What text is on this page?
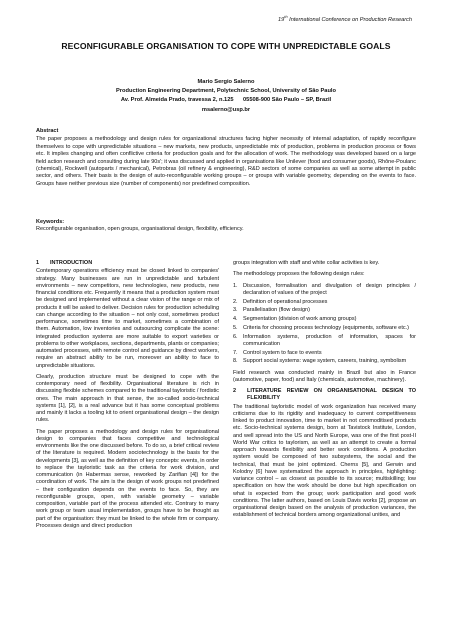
19th International Conference on Production Research
RECONFIGURABLE ORGANISATION TO COPE WITH UNPREDICTABLE GOALS
Mario Sergio Salerno
Production Engineering Department, Polytechnic School, University of São Paulo
Av. Prof. Almeida Prado, travessa 2, n.125      05508-900 São Paulo – SP, Brazil
msalerno@usp.br
Abstract
The paper proposes a methodology and design rules for organizational structures facing higher necessity of internal adaptation, of rapidly reconfigure themselves to cope with unpredictable situations – new markets, new products, unpredictable mix of production, problems in production process or flows etc. It implies changing and often conflictive criteria for production goals and for the allocation of work. The methodology was developed based on a large field action research and consulting during late 90s'; it was discussed and applied in organisations like Unilever (food and consumer goods), Rhône-Poulanc (chemical), Rockwell (autoparts / mechanical), Petrobras (oil refinery & engineering), R&D sectors of some companies as well as some attempt in public sector, and others. Their basis is the design of auto-reconfigurable working groups – or groups with variable geometry, depending on the events to face. Groups have neither previous size (number of components) nor predefined composition.
Keywords:
Reconfigurable organisation, open groups, organisational design, flexibility, efficiency.
1	INTRODUCTION

Contemporary operations efficiency must be closed linked to companies' strategy. Many businesses are run in unpredictable and turbulent environments – new competitors, new technologies, new products, new financial conditions etc. Frequently it means that a production system must be designed and implemented without a clear vision of the range or mix of products it will be asked to deliver. Decision rules for production scheduling can change according to the situation – not only cost, sometimes product performance, sometimes time to market, sometimes a combination of them. Automation, low inventories and outsourcing complicate the scene: integrated production systems are more suitable to export varieties or problems to other workplaces, sections, departments, plants or companies; automated processes, with remote control and guidance by direct workers, require an abstract ability to be run, moreover an ability to face to unpredictable situations.

Clearly, production structure must be designed to cope with the contemporary need of flexibility. Organisational literature is rich in discussing flexible schemes compared to the traditional tayloristic / fordistic ones. The main approach in that sense, the so-called socio-technical systems [1], [2], is a real advance but it has some conceptual problems and mainly it lacks a tooling kit to orient organisational design – the design rules.

The paper proposes a methodology and design rules for organisational design to companies that faces competitive and technological environments like the one discussed before. To do so, a brief critical review of the literature is required. Modern sociotechnology is the basis for the developments [3], as well as the definition of key concepts: events, in order to replace the tayloristic task as the criteria for work division, and communication (in Habermas sense, reworked by Zarifian [4]) for the coordination of work. The aim is the design of work groups not predefined – their configuration depends on the events to face. So, they are reconfigurable groups, open, with variable geometry – variable composition, variable part of the process attended etc. Contrary to many work group or team usual implementation, groups have to be thought as part of the organisation: they must be linked to the whole firm or company. Processes design and direct production

groups integration with staff and white collar activities is key.

The methodology proposes the following design rules:

1. Discussion, formalisation and divulgation of design principles / declaration of values of the project
2. Definition of operational processes
3. Parallelisation (flow design)
4. Segmentation (division of work among groups)
5. Criteria for choosing process technology (equipments, software etc.)
6. Information systems, production of information, spaces for communication
7. Control system to face to events
8. Support social systems: wage system, careers, training, symbolism

Field research was conducted mainly in Brazil but also in France (automotive, paper, food) and Italy (chemicals, automotive, machinery).

2	LITERATURE REVIEW ON ORGANISATIONAL DESIGN TO FLEXIBILITY

The traditional tayloristic model of work organization has received many criticisms due to its rigidity and inadequacy to current competitiveness linked to product innovation, time to market in not commoditised products etc. Socio-technical systems design, born at Tavistock Institute, London, and well spread into the US and North Europe, was one of the first post-II World War critics to taylorism, as well as an attempt to create a formal approach towards flexibility and better work conditions. A production system would be composed of two subsystems, the social and the technical, that must be joint optimized. Cherns [5], and Gerwin and Kolodny [6] have systematized the approach in principles, highlighting: variance control – as closest as possible to its source; multiskilling; low specification on how the work should be done but high specification on what is expected from the group; work participation and good work conditions. The latter authors, based on Louis Davis works [2], propose an organisational design based on the analysis of production variances, the establishment of technical borders among organizational unities, and
